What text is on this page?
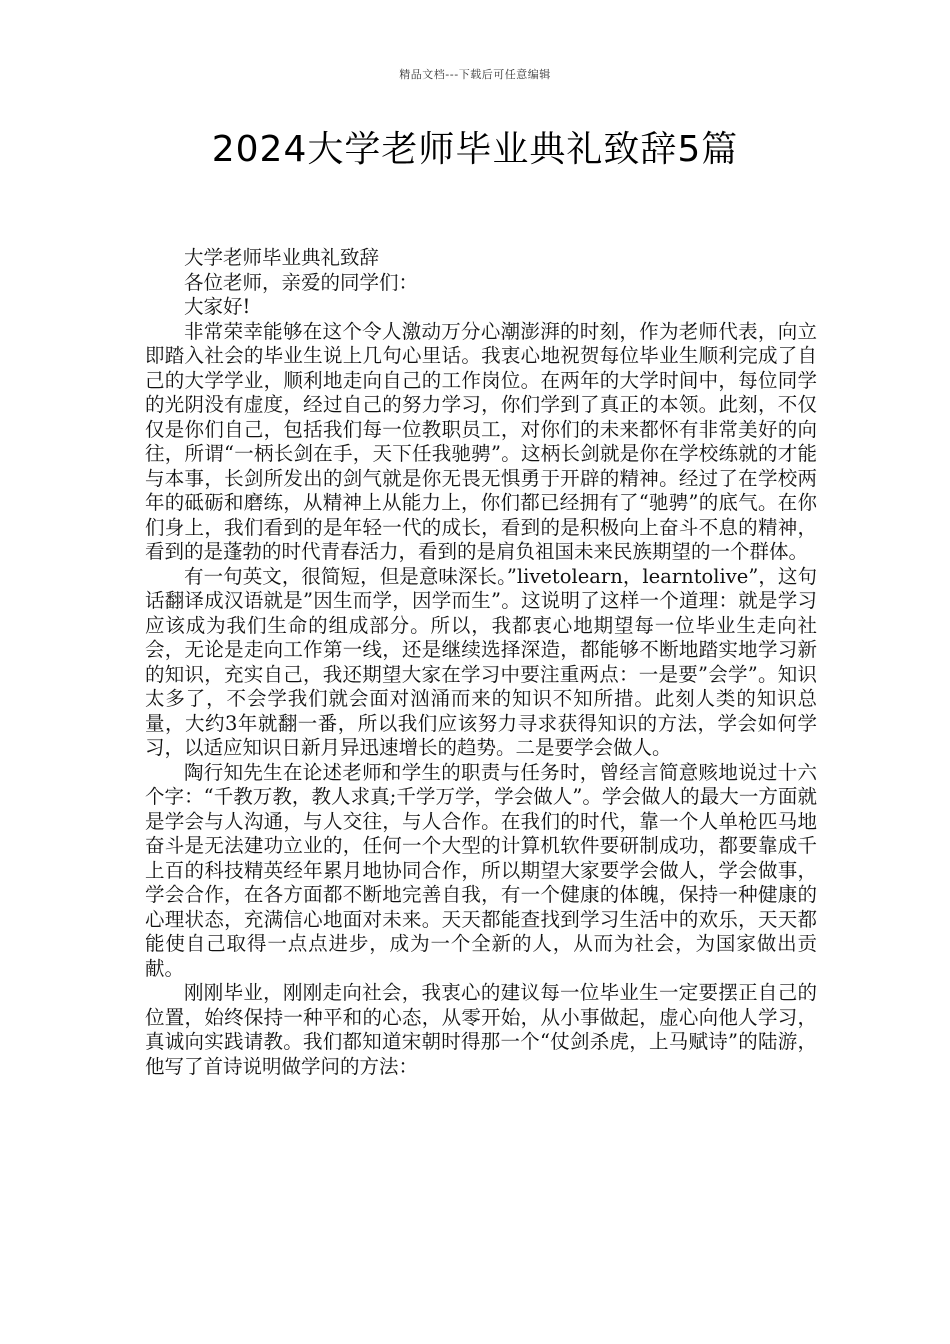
精品文档---下载后可任意编辑
2024大学老师毕业典礼致辞5篇

大学老师毕业典礼致辞

各位老师，亲爱的同学们：

大家好!

非常荣幸能够在这个令人激动万分心潮澎湃的时刻，作为老师代表，向立即踏入社会的毕业生说上几句心里话。我衷心地祝贺每位毕业生顺利完成了自己的大学学业，顺利地走向自己的工作岗位。在两年的大学时间中，每位同学的光阴没有虚度，经过自己的努力学习，你们学到了真正的本领。此刻，不仅仅是你们自己，包括我们每一位教职员工，对你们的未来都怀有非常美好的向往，所谓“一柄长剑在手，天下任我驰骋”。这柄长剑就是你在学校练就的才能与本事，长剑所发出的剑气就是你无畏无惧勇于开辟的精神。经过了在学校两年的砥砺和磨练，从精神上从能力上，你们都已经拥有了“驰骋”的底气。在你们身上，我们看到的是年轻一代的成长，看到的是积极向上奋斗不息的精神，看到的是蓬勃的时代青春活力，看到的是肩负祖国未来民族期望的一个群体。

有一句英文，很简短，但是意味深长。”livetolearn，learntolive”，这句话翻译成汉语就是”因生而学，因学而生”。这说明了这样一个道理：就是学习应该成为我们生命的组成部分。所以，我都衷心地期望每一位毕业生走向社会，无论是走向工作第一线，还是继续选择深造，都能够不断地踏实地学习新的知识，充实自己，我还期望大家在学习中要注重两点：一是要”会学”。知识太多了，不会学我们就会面对汹涌而来的知识不知所措。此刻人类的知识总量，大约3年就翻一番，所以我们应该努力寻求获得知识的方法，学会如何学习，以适应知识日新月异迅速增长的趋势。二是要学会做人。

陶行知先生在论述老师和学生的职责与任务时，曾经言简意赅地说过十六个字：“千教万教，教人求真;千学万学，学会做人”。学会做人的最大一方面就是学会与人沟通，与人交往，与人合作。在我们的时代，靠一个人单枪匹马地奋斗是无法建功立业的，任何一个大型的计算机软件要研制成功，都要靠成千上百的科技精英经年累月地协同合作，所以期望大家要学会做人，学会做事，学会合作，在各方面都不断地完善自我，有一个健康的体魄，保持一种健康的心理状态，充满信心地面对未来。天天都能查找到学习生活中的欢乐，天天都能使自己取得一点点进步，成为一个全新的人，从而为社会，为国家做出贡献。

刚刚毕业，刚刚走向社会，我衷心的建议每一位毕业生一定要摆正自己的位置，始终保持一种平和的心态，从零开始，从小事做起，虚心向他人学习，真诚向实践请教。我们都知道宋朝时得那一个“仗剑杀虎，上马赋诗”的陆游，他写了首诗说明做学问的方法：
